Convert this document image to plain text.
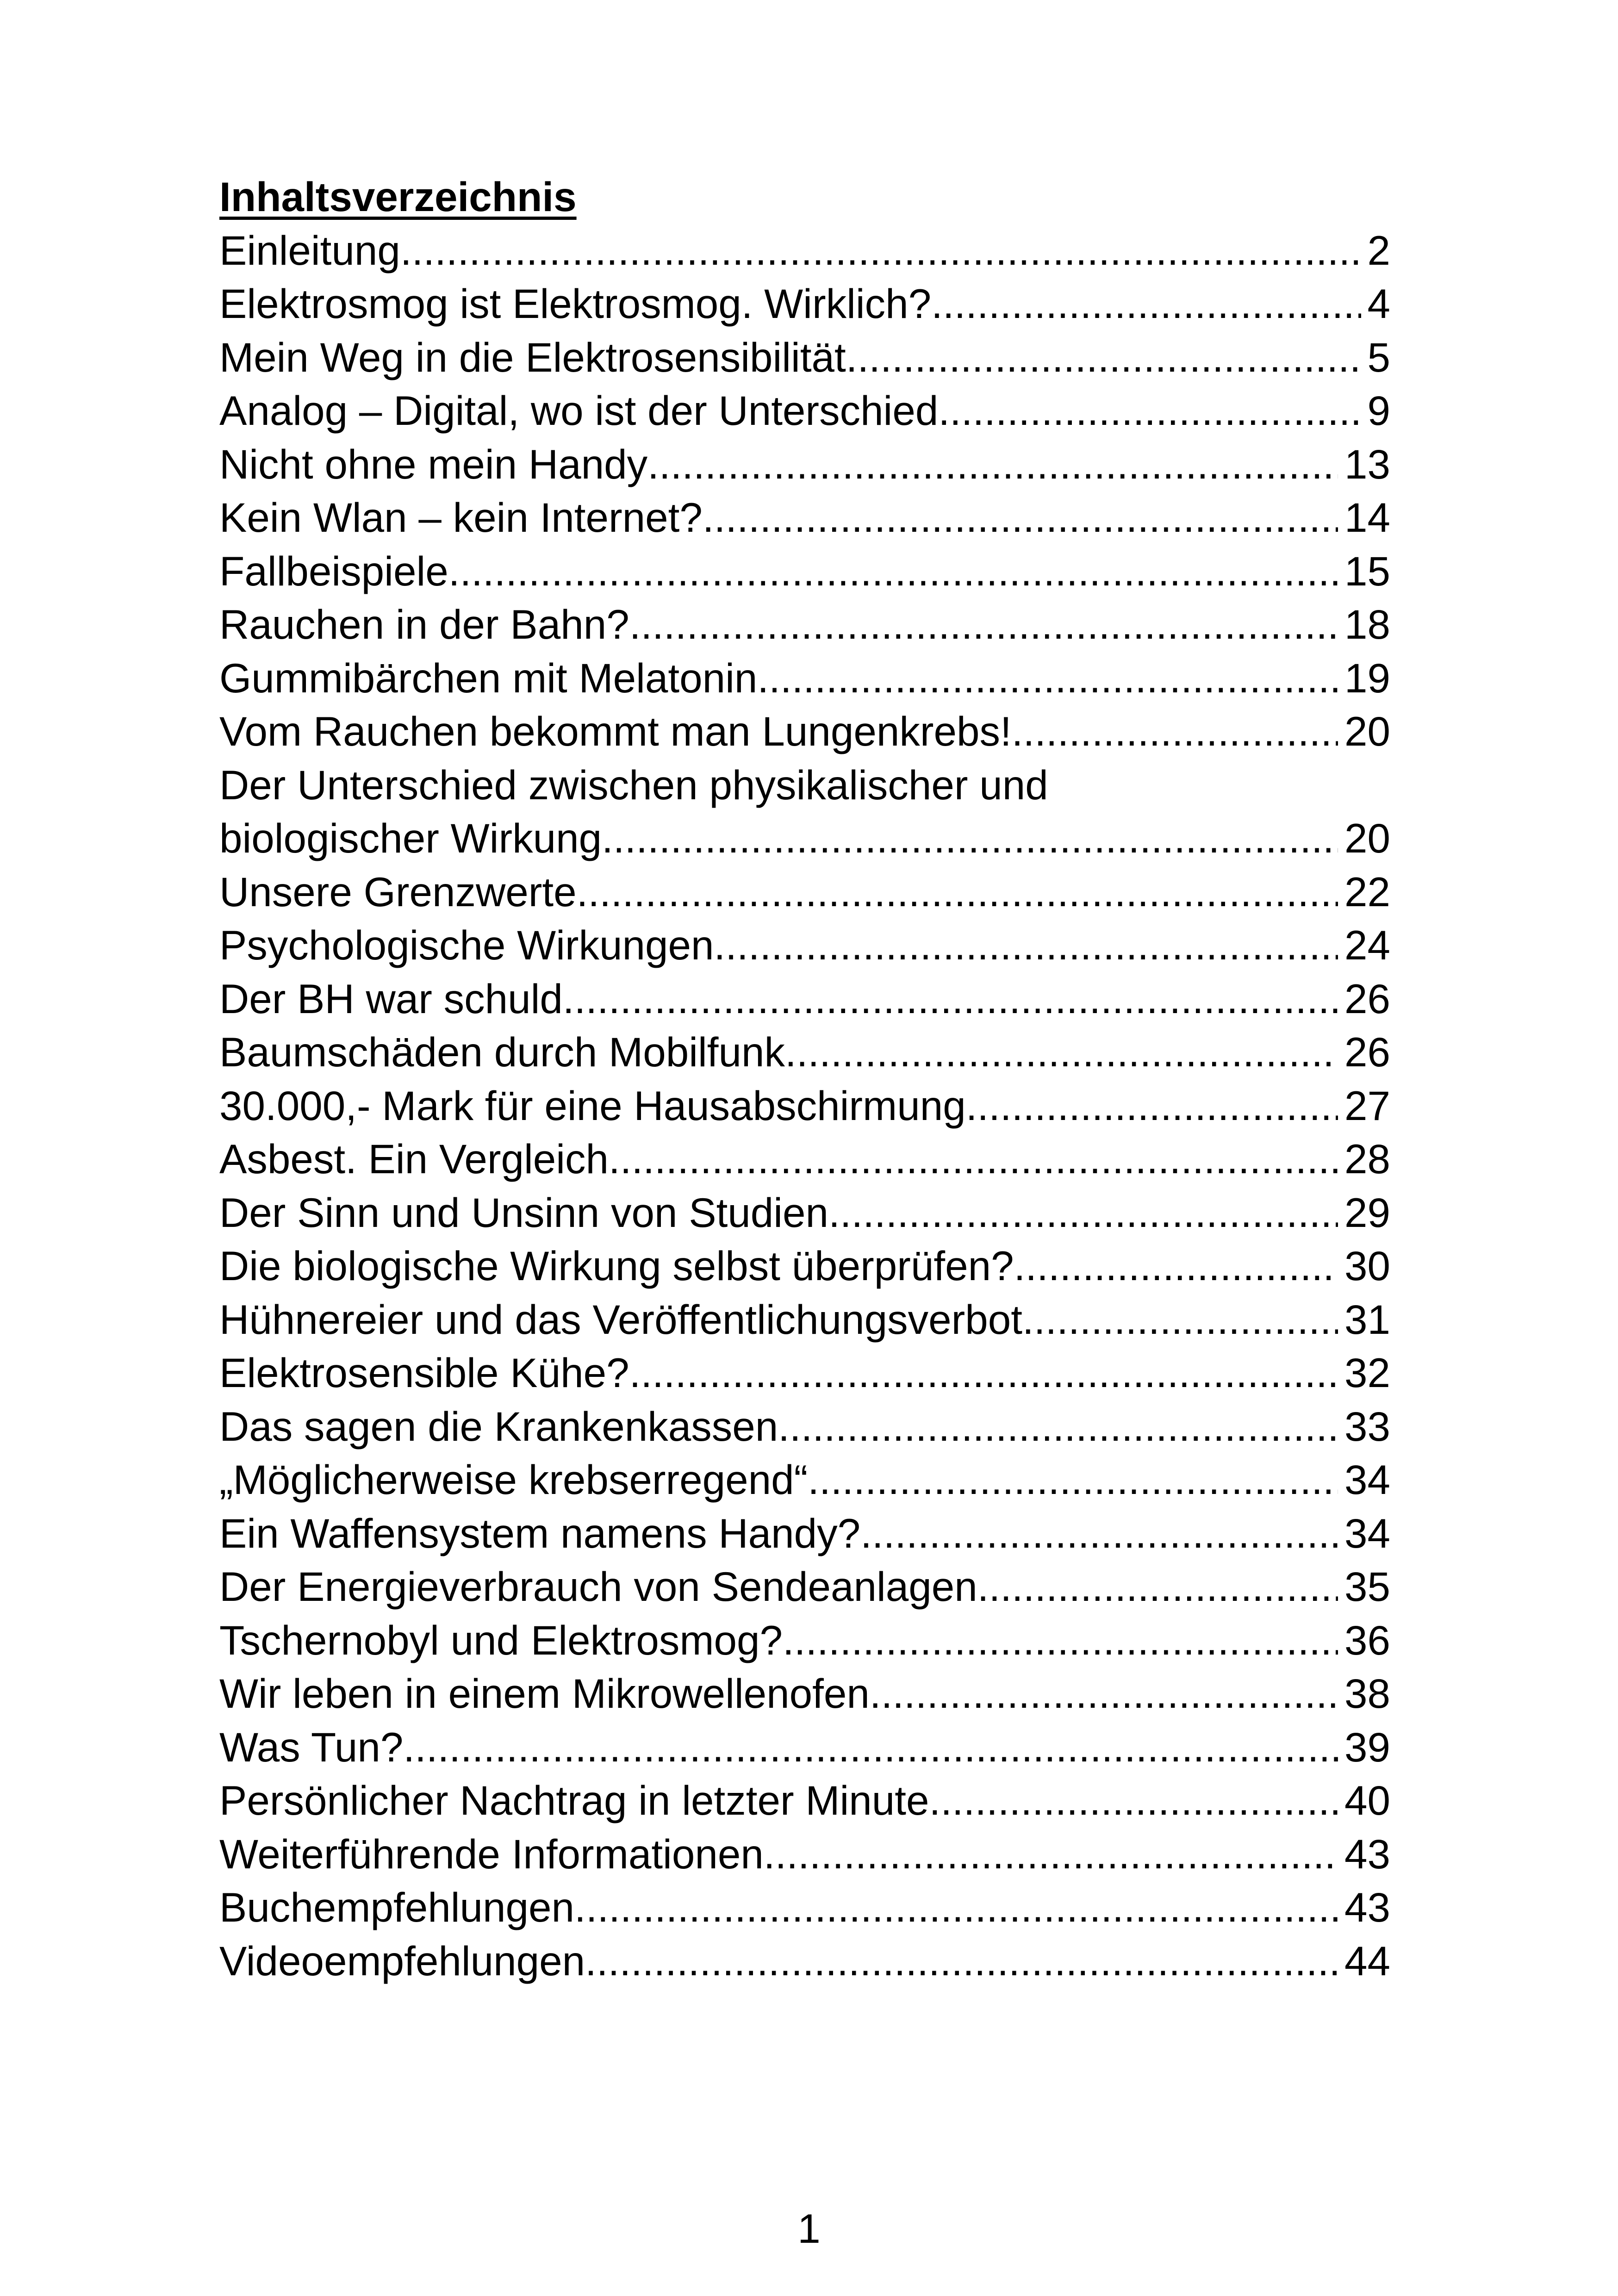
Inhaltsverzeichnis
Einleitung .....	2
Elektrosmog ist Elektrosmog. Wirklich? .....	4
Mein Weg in die Elektrosensibilität .....	5
Analog – Digital, wo ist der Unterschied .....	9
Nicht ohne mein Handy .....	13
Kein Wlan – kein Internet? .....	14
Fallbeispiele .....	15
Rauchen in der Bahn? .....	18
Gummibärchen mit Melatonin .....	19
Vom Rauchen bekommt man Lungenkrebs! .....	20
Der Unterschied zwischen physikalischer und
biologischer Wirkung .....	20
Unsere Grenzwerte .....	22
Psychologische Wirkungen .....	24
Der BH war schuld .....	26
Baumschäden durch Mobilfunk .....	26
30.000,- Mark für eine Hausabschirmung .....	27
Asbest. Ein Vergleich .....	28
Der Sinn und Unsinn von Studien .....	29
Die biologische Wirkung selbst überprüfen? .....	30
Hühnereier und das Veröffentlichungsverbot .....	31
Elektrosensible Kühe? .....	32
Das sagen die Krankenkassen .....	33
„Möglicherweise krebserregend“ .....	34
Ein Waffensystem namens Handy? .....	34
Der Energieverbrauch von Sendeanlagen .....	35
Tschernobyl und Elektrosmog? .....	36
Wir leben in einem Mikrowellenofen .....	38
Was Tun? .....	39
Persönlicher Nachtrag in letzter Minute .....	40
Weiterführende Informationen .....	43
Buchempfehlungen .....	43
Videoempfehlungen .....	44
1
